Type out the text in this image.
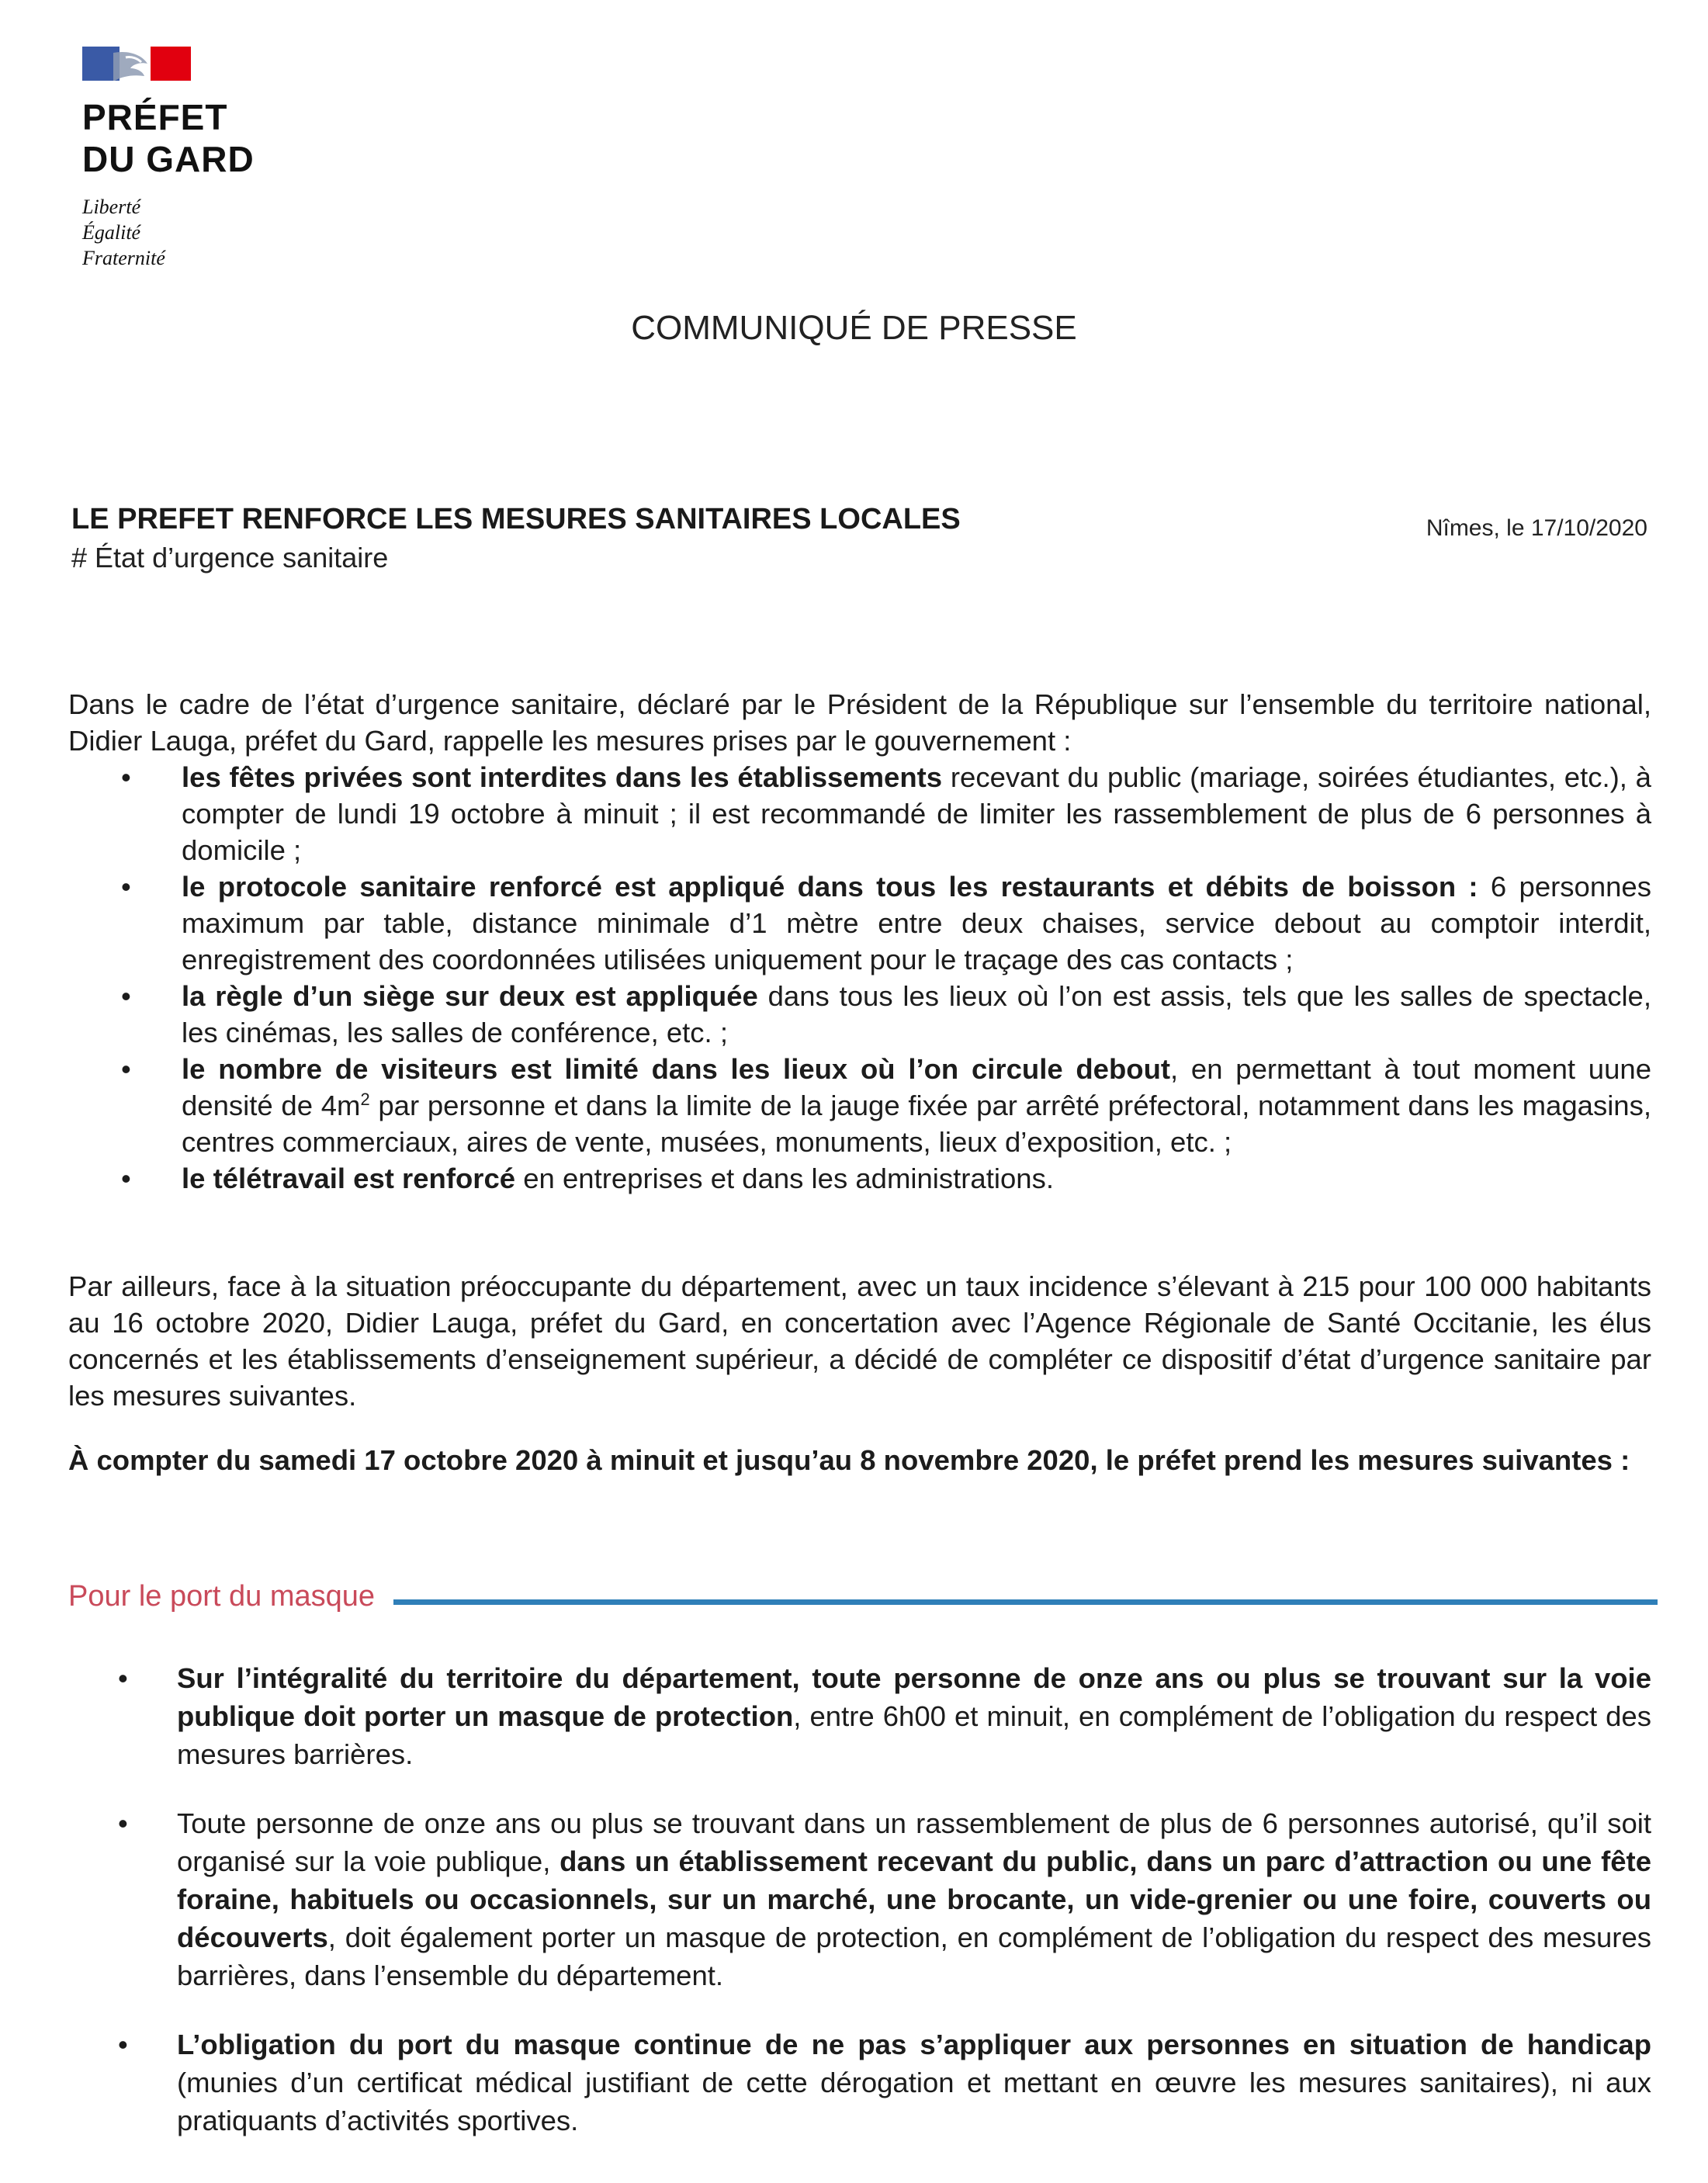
PRÉFET
DU GARD
Liberté
Égalité
Fraternité
COMMUNIQUÉ DE PRESSE
LE PREFET RENFORCE LES MESURES SANITAIRES LOCALES
# État d’urgence sanitaire
Nîmes, le 17/10/2020
Dans le cadre de l’état d’urgence sanitaire, déclaré par le Président de la République sur l’ensemble du territoire national, Didier Lauga, préfet du Gard, rappelle les mesures prises par le gouvernement :
• les fêtes privées sont interdites dans les établissements recevant du public (mariage, soirées étudiantes, etc.), à compter de lundi 19 octobre à minuit ; il est recommandé de limiter les rassemblement de plus de 6 personnes à domicile ;
• le protocole sanitaire renforcé est appliqué dans tous les restaurants et débits de boisson : 6 personnes maximum par table, distance minimale d’1 mètre entre deux chaises, service debout au comptoir interdit, enregistrement des coordonnées utilisées uniquement pour le traçage des cas contacts ;
• la règle d’un siège sur deux est appliquée dans tous les lieux où l’on est assis, tels que les salles de spectacle, les cinémas, les salles de conférence, etc. ;
• le nombre de visiteurs est limité dans les lieux où l’on circule debout, en permettant à tout moment uune densité de $4m^2$ par personne et dans la limite de la jauge fixée par arrêté préfectoral, notamment dans les magasins, centres commerciaux, aires de vente, musées, monuments, lieux d’exposition, etc. ;
• le télétravail est renforcé en entreprises et dans les administrations.
Par ailleurs, face à la situation préoccupante du département, avec un taux incidence s’élevant à 215 pour 100 000 habitants au 16 octobre 2020, Didier Lauga, préfet du Gard, en concertation avec l’Agence Régionale de Santé Occitanie, les élus concernés et les établissements d’enseignement supérieur, a décidé de compléter ce dispositif d’état d’urgence sanitaire par les mesures suivantes.
À compter du samedi 17 octobre 2020 à minuit et jusqu’au 8 novembre 2020, le préfet prend les mesures suivantes :
Pour le port du masque
• Sur l’intégralité du territoire du département, toute personne de onze ans ou plus se trouvant sur la voie publique doit porter un masque de protection, entre 6h00 et minuit, en complément de l’obligation du respect des mesures barrières.
• Toute personne de onze ans ou plus se trouvant dans un rassemblement de plus de 6 personnes autorisé, qu’il soit organisé sur la voie publique, dans un établissement recevant du public, dans un parc d’attraction ou une fête foraine, habituels ou occasionnels, sur un marché, une brocante, un vide-grenier ou une foire, couverts ou découverts, doit également porter un masque de protection, en complément de l’obligation du respect des mesures barrières, dans l’ensemble du département.
• L’obligation du port du masque continue de ne pas s’appliquer aux personnes en situation de handicap (munies d’un certificat médical justifiant de cette dérogation et mettant en œuvre les mesures sanitaires), ni aux pratiquants d’activités sportives.
